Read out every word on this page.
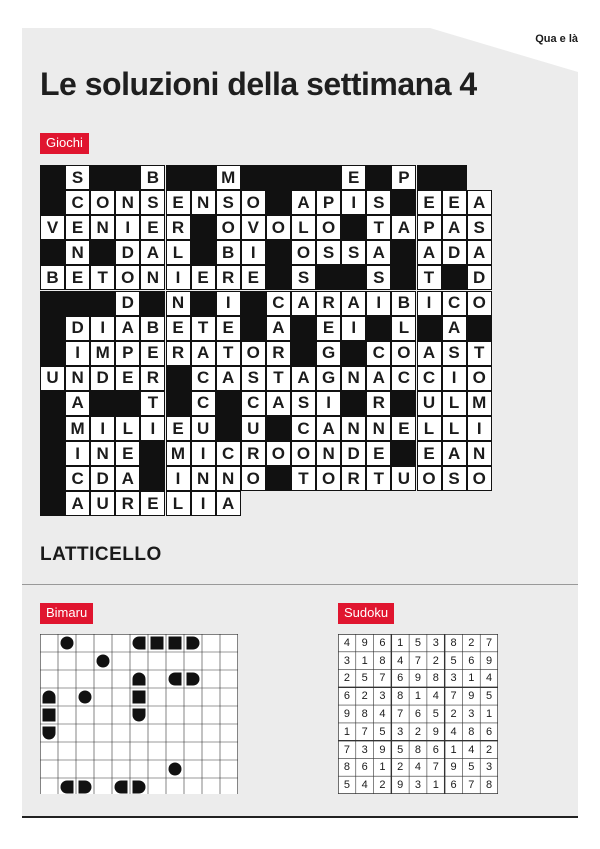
Qua e là
Le soluzioni della settimana 4
Giochi
S	B	M	E	P
C O N S E N S O	A P	I	S	E E A
V E N I	E R	O V O L O	T A P A S
N	D A L	B I	O S S A	A D A
B E T O N I	E R E	S	S	T	D
D	N	I	C A R A I B I C O
D I A B E T E	A	E	I	L	A
I M P E R A T O R	G	C O A S T
U N D E R	C A S T A G N A C C I O
A	T	C	C A S	I	R	U L M
M I	L	I	E U	U	C A N N E L L	I
I N E	M I C R O O N D E	E A N
C D A	I N N O	T O R T U O S O
A U R E L	I A
LATTICELLO
Bimaru	Sudoku
4	9	6	1	5	3	8	2	7
3	1	8	4	7	2	5	6	9
2	5	7	6	9	8	3	1	4
6	2	3	8	1	4	7	9	5
9	8	4	7	6	5	2	3	1
1	7	5	3	2	9	4	8	6
7	3	9	5	8	6	1	4	2
8	6	1	2	4	7	9	5	3
5	4	2	9	3	1	6	7	8
